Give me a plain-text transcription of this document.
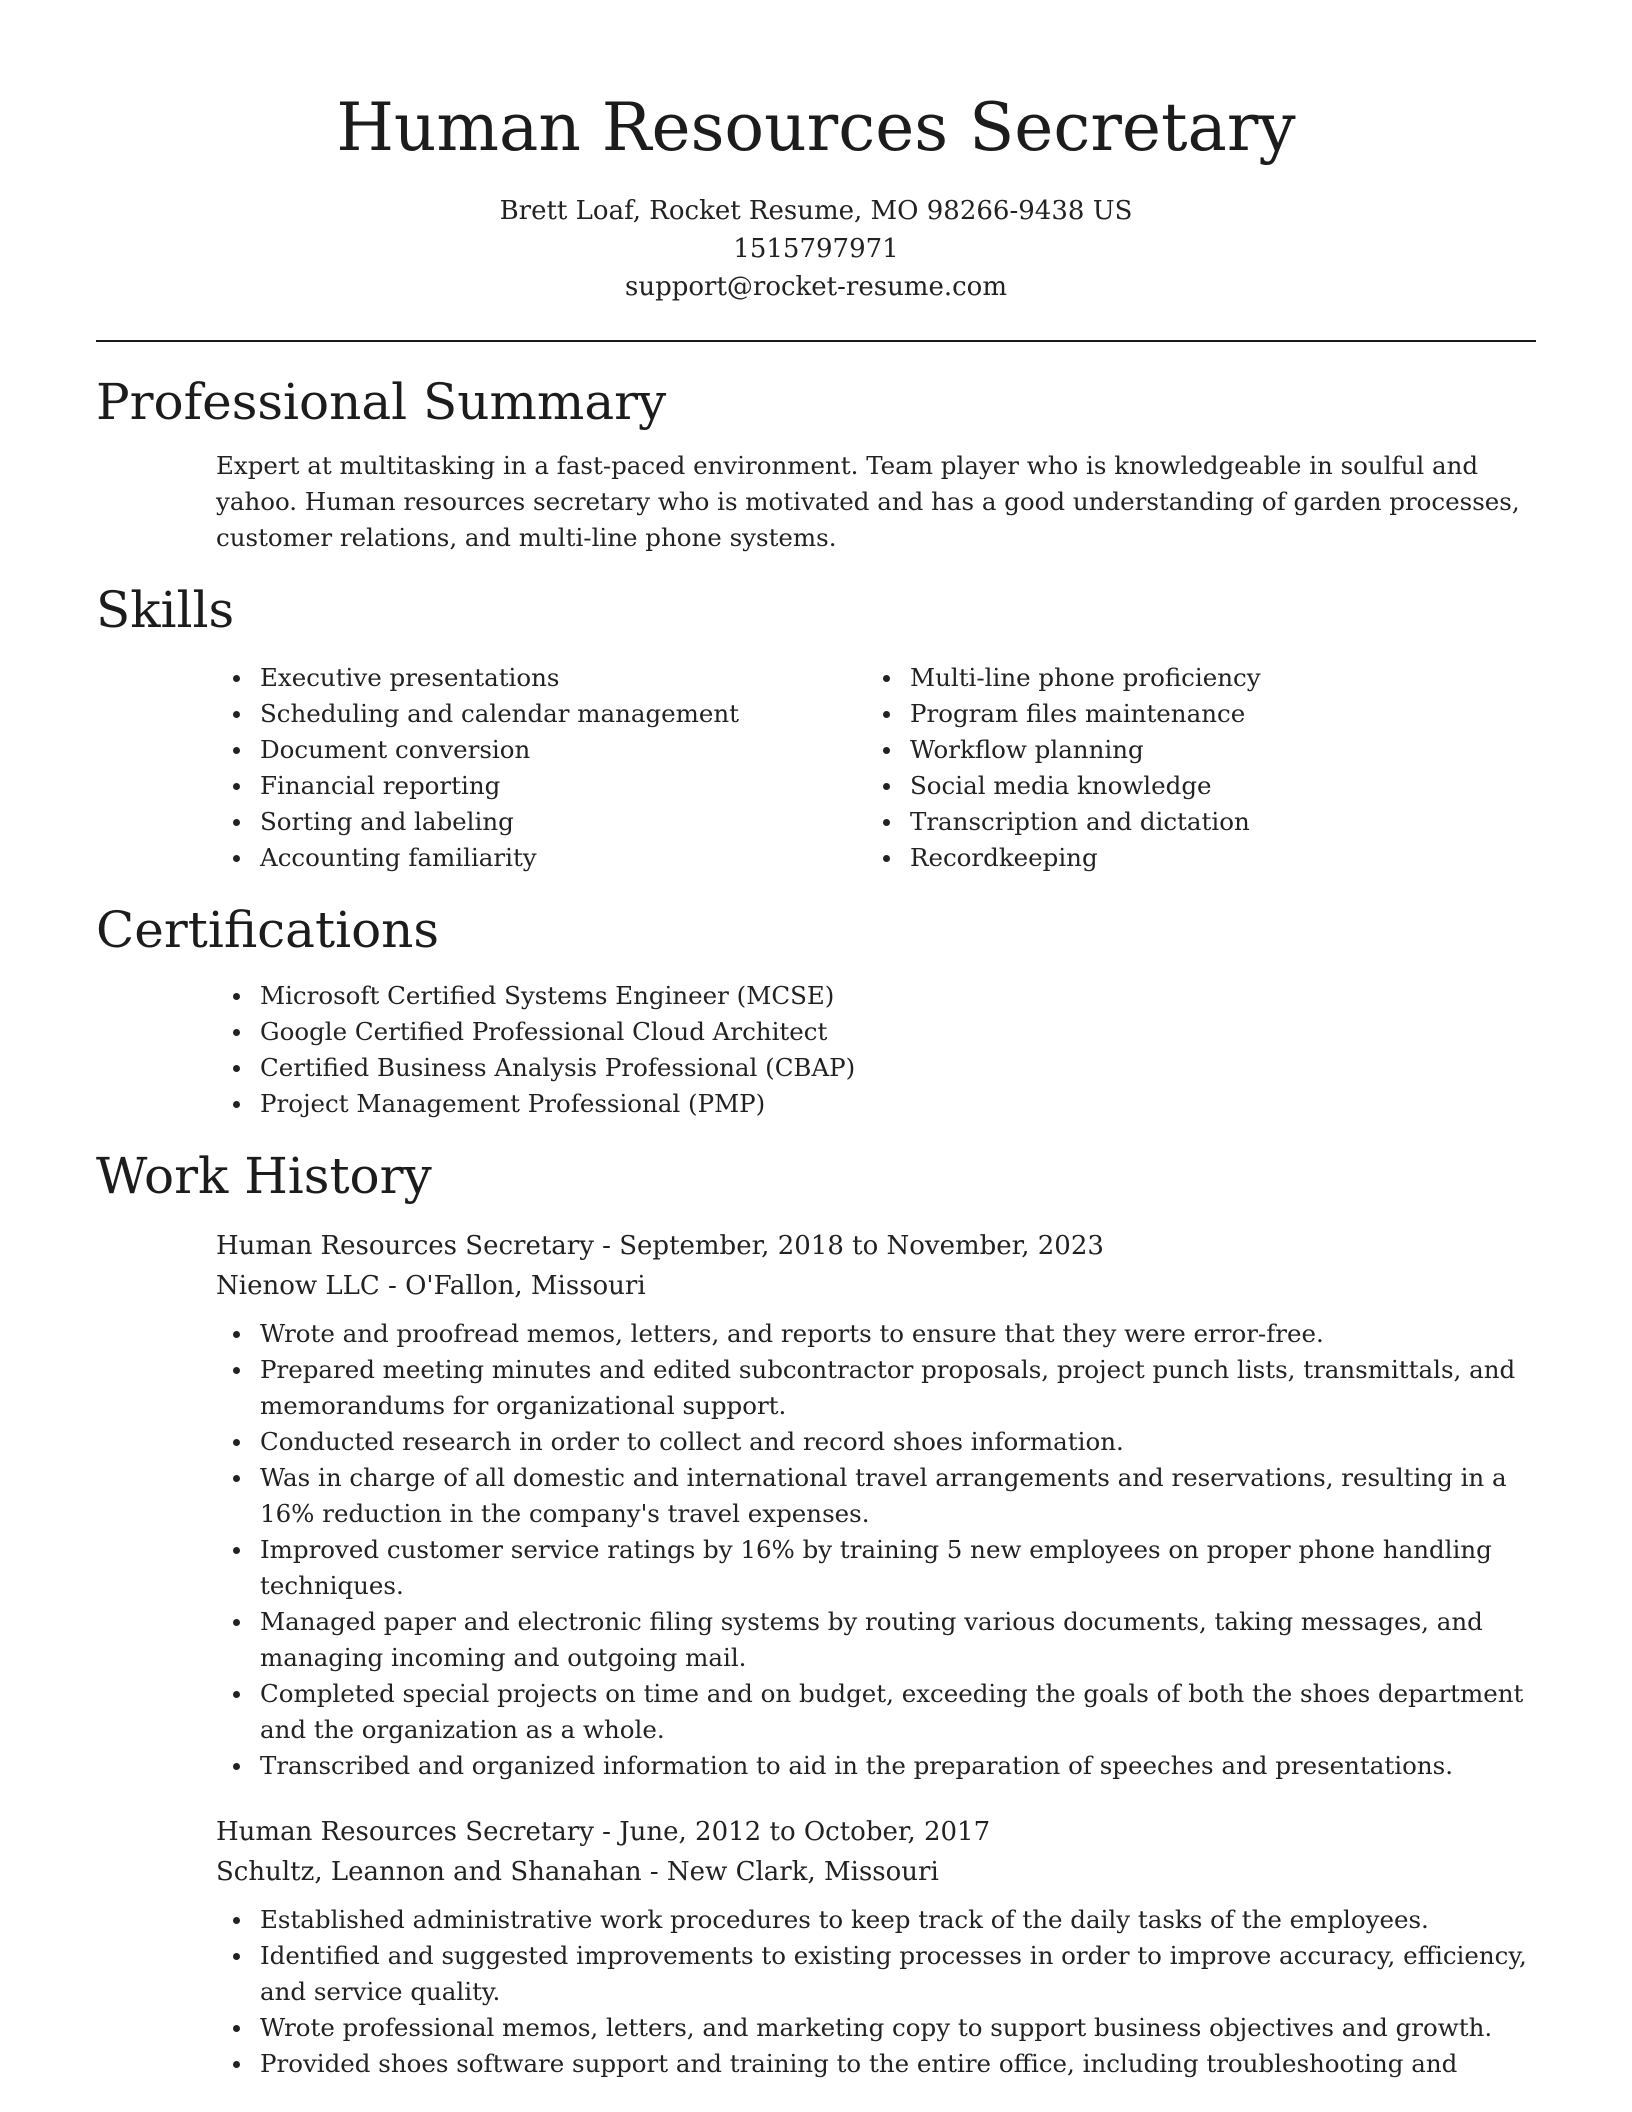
Human Resources Secretary
Brett Loaf, Rocket Resume, MO 98266-9438 US
1515797971
support@rocket-resume.com
Professional Summary
Expert at multitasking in a fast-paced environment. Team player who is knowledgeable in soulful and yahoo. Human resources secretary who is motivated and has a good understanding of garden processes, customer relations, and multi-line phone systems.
Skills
Executive presentations
Scheduling and calendar management
Document conversion
Financial reporting
Sorting and labeling
Accounting familiarity
Multi-line phone proficiency
Program files maintenance
Workflow planning
Social media knowledge
Transcription and dictation
Recordkeeping
Certifications
Microsoft Certified Systems Engineer (MCSE)
Google Certified Professional Cloud Architect
Certified Business Analysis Professional (CBAP)
Project Management Professional (PMP)
Work History
Human Resources Secretary - September, 2018 to November, 2023
Nienow LLC - O'Fallon, Missouri
Wrote and proofread memos, letters, and reports to ensure that they were error-free.
Prepared meeting minutes and edited subcontractor proposals, project punch lists, transmittals, and memorandums for organizational support.
Conducted research in order to collect and record shoes information.
Was in charge of all domestic and international travel arrangements and reservations, resulting in a 16% reduction in the company's travel expenses.
Improved customer service ratings by 16% by training 5 new employees on proper phone handling techniques.
Managed paper and electronic filing systems by routing various documents, taking messages, and managing incoming and outgoing mail.
Completed special projects on time and on budget, exceeding the goals of both the shoes department and the organization as a whole.
Transcribed and organized information to aid in the preparation of speeches and presentations.
Human Resources Secretary - June, 2012 to October, 2017
Schultz, Leannon and Shanahan - New Clark, Missouri
Established administrative work procedures to keep track of the daily tasks of the employees.
Identified and suggested improvements to existing processes in order to improve accuracy, efficiency, and service quality.
Wrote professional memos, letters, and marketing copy to support business objectives and growth.
Provided shoes software support and training to the entire office, including troubleshooting and
